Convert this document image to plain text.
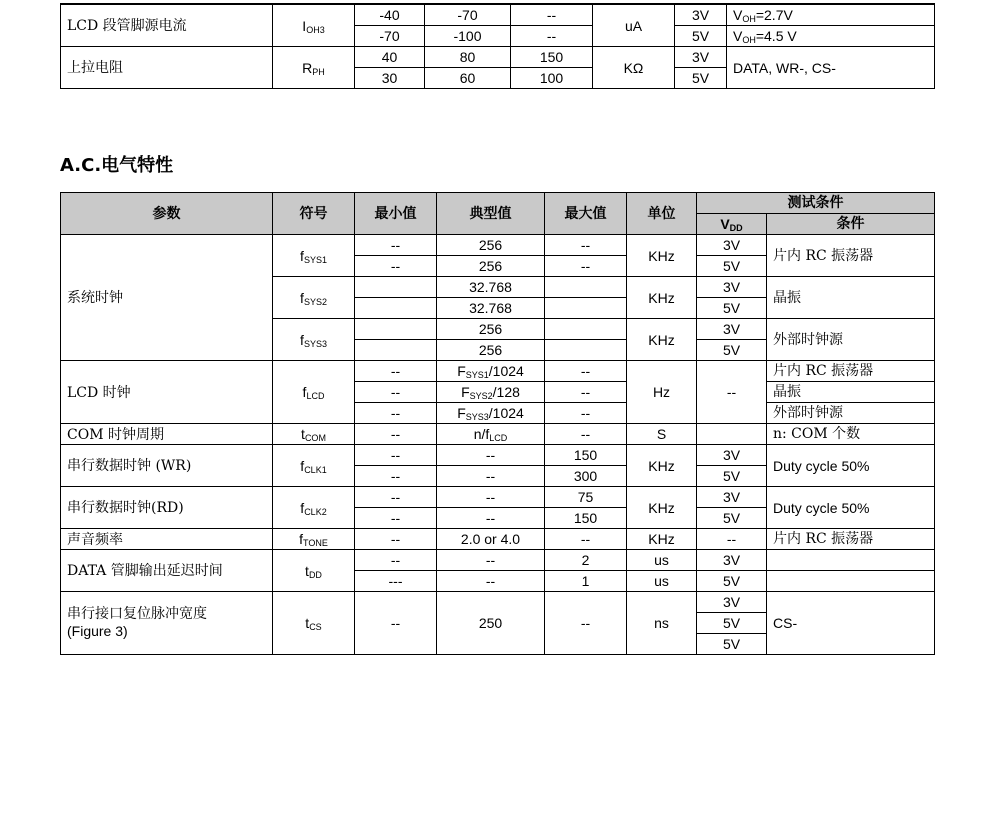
LCD 段管脚源电流	$I_{OH3}$	-40	-70	--	uA	3V	$V_{OH}=2.7V$
		-70	-100	--		5V	$V_{OH}=4.5$ V
上拉电阻	$R_{PH}$	40	80	150	KΩ	3V	DATA, WR-, CS-
		30	60	100		5V	
A.C.电气特性
参数	符号	最小值	典型值	最大值	单位	测试条件	
						$V_{DD}$	条件
系统时钟	$f_{SYS1}$	--	256	--	KHz	3V	片内 RC 振荡器
		--	256	--		5V	
	$f_{SYS2}$		32.768		KHz	3V	晶振
			32.768			5V	
	$f_{SYS3}$		256		KHz	3V	外部时钟源
			256			5V	
LCD 时钟	$f_{LCD}$	--	$F_{SYS1}/1024$	--	Hz	--	片内 RC 振荡器
		--	$F_{SYS2}/128$	--			晶振
		--	$F_{SYS3}/1024$	--			外部时钟源
COM 时钟周期	$t_{COM}$	--	$n/f_{LCD}$	--	S		n: COM 个数
串行数据时钟 (WR)	$f_{CLK1}$	--	--	150	KHz	3V	Duty cycle 50%
		--	--	300		5V	
串行数据时钟(RD)	$f_{CLK2}$	--	--	75	KHz	3V	Duty cycle 50%
		--	--	150		5V	
声音频率	$f_{TONE}$	--	2.0 or 4.0	--	KHz	--	片内 RC 振荡器
DATA 管脚输出延迟时间	$t_{DD}$	--	--	2	us	3V	
		---	--	1	us	5V	

串行接口复位脉冲宽度
(Figure 3)	$t_{CS}$	--	250	--	ns	3V	CS-
						5V	
						5V	
